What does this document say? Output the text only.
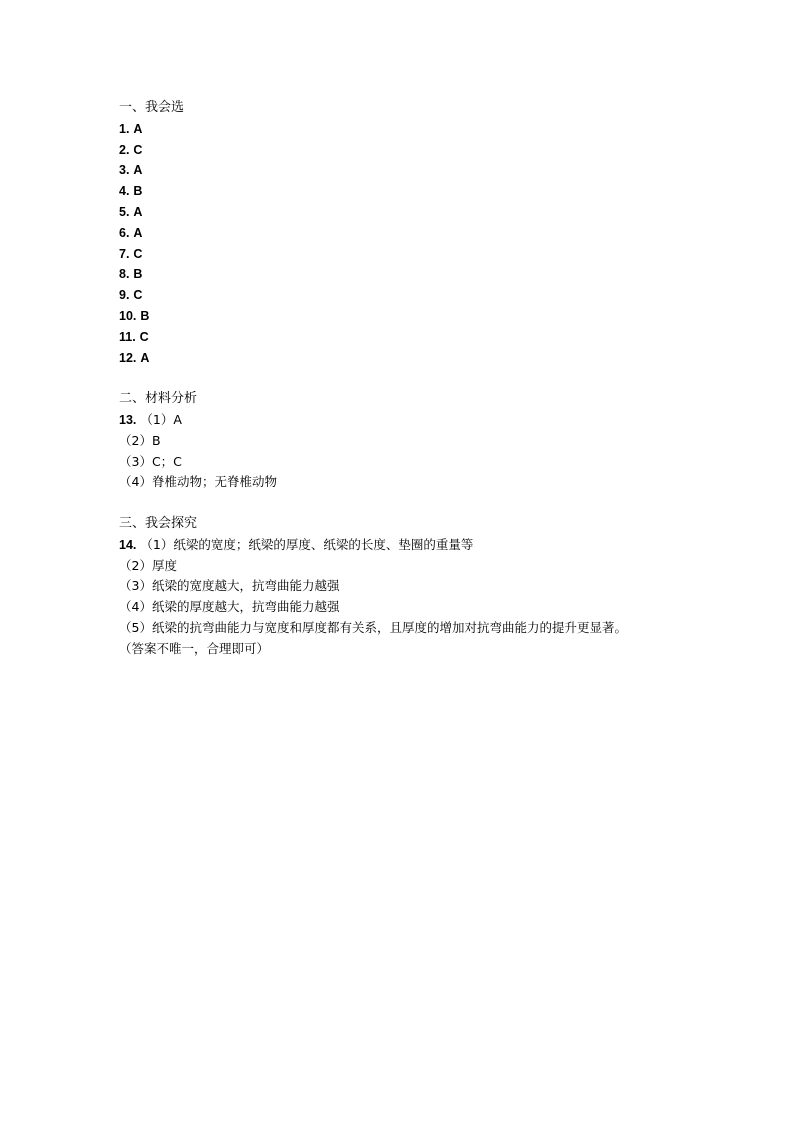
一、我会选
1. A
2. C
3. A
4. B
5. A
6. A
7. C
8. B
9. C
10. B
11. C
12. A
二、材料分析
13. （1）A
（2）B
（3）C；C
（4）脊椎动物；无脊椎动物
三、我会探究
14. （1）纸梁的宽度；纸梁的厚度、纸梁的长度、垫圈的重量等
（2）厚度
（3）纸梁的宽度越大，抗弯曲能力越强
（4）纸梁的厚度越大，抗弯曲能力越强
（5）纸梁的抗弯曲能力与宽度和厚度都有关系，且厚度的增加对抗弯曲能力的提升更显著。
（答案不唯一，合理即可）
